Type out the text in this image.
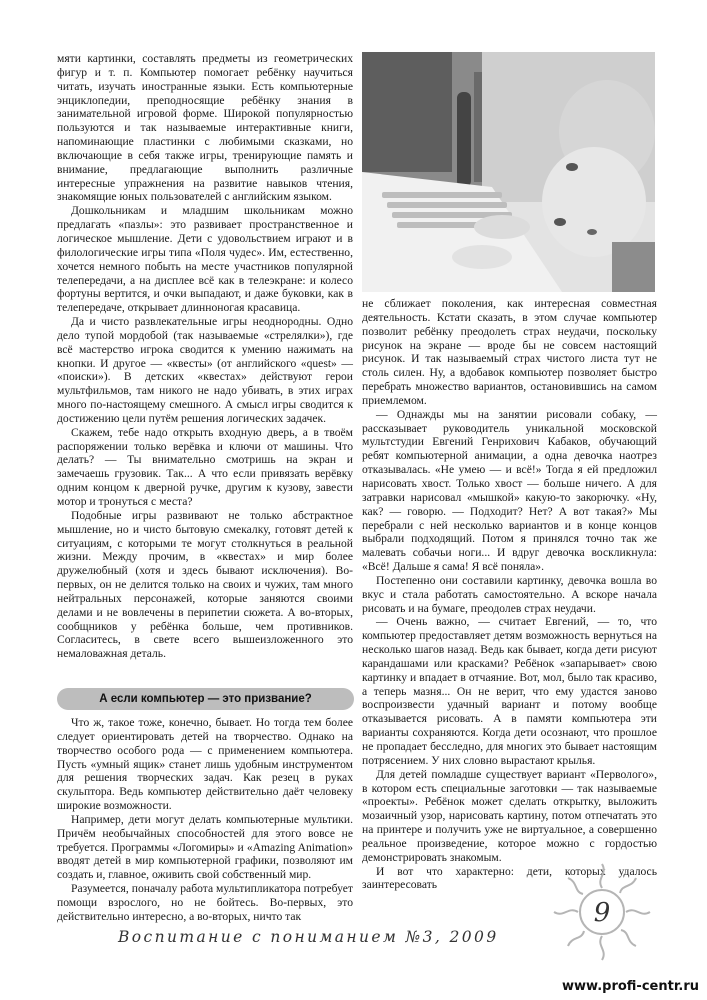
мяти картинки, составлять предметы из геометрических фигур и т. п. Компьютер помогает ребёнку научиться читать, изучать иностранные языки. Есть компьютерные энциклопедии, преподносящие ребёнку знания в занимательной игровой форме. Широкой популярностью пользуются и так называемые интерактивные книги, напоминающие пластинки с любимыми сказками, но включающие в себя также игры, тренирующие память и внимание, предлагающие выполнить различные интересные упражнения на развитие навыков чтения, знакомящие юных пользователей с английским языком.

Дошкольникам и младшим школьникам можно предлагать «пазлы»: это развивает пространственное и логическое мышление. Дети с удовольствием играют и в филологические игры типа «Поля чудес». Им, естественно, хочется немного побыть на месте участников популярной телепередачи, а на дисплее всё как в телеэкране: и колесо фортуны вертится, и очки выпадают, и даже буковки, как в телепередаче, открывает длинноногая красавица.

Да и чисто развлекательные игры неоднородны. Одно дело тупой мордобой (так называемые «стрелялки»), где всё мастерство игрока сводится к умению нажимать на кнопки. И другое — «квесты» (от английского «quest» — «поиски»). В детских «квестах» действуют герои мультфильмов, там никого не надо убивать, в этих играх много по-настоящему смешного. А смысл игры сводится к достижению цели путём решения логических задачек.

Скажем, тебе надо открыть входную дверь, а в твоём распоряжении только верёвка и ключи от машины. Что делать? — Ты внимательно смотришь на экран и замечаешь грузовик. Так... А что если привязать верёвку одним концом к дверной ручке, другим к кузову, завести мотор и тронуться с места?

Подобные игры развивают не только абстрактное мышление, но и чисто бытовую смекалку, готовят детей к ситуациям, с которыми те могут столкнуться в реальной жизни. Между прочим, в «квестах» и мир более дружелюбный (хотя и здесь бывают исключения). Во-первых, он не делится только на своих и чужих, там много нейтральных персонажей, которые заняются своими делами и не вовлечены в перипетии сюжета. А во-вторых, сообщников у ребёнка больше, чем противников. Согласитесь, в свете всего вышеизложенного это немаловажная деталь.

А если компьютер — это призвание?

Что ж, такое тоже, конечно, бывает. Но тогда тем более следует ориентировать детей на творчество. Однако на творчество особого рода — с применением компьютера. Пусть «умный ящик» станет лишь удобным инструментом для решения творческих задач. Как резец в руках скульптора. Ведь компьютер действительно даёт человеку широкие возможности.

Например, дети могут делать компьютерные мультики. Причём необычайных способностей для этого вовсе не требуется. Программы «Логомиры» и «Amazing Animation» вводят детей в мир компьютерной графики, позволяют им создать и, главное, оживить свой собственный мир.

Разумеется, поначалу работа мультипликатора потребует помощи взрослого, но не бойтесь. Во-первых, это действительно интересно, а во-вторых, ничто так

не сближает поколения, как интересная совместная деятельность. Кстати сказать, в этом случае компьютер позволит ребёнку преодолеть страх неудачи, поскольку рисунок на экране — вроде бы не совсем настоящий рисунок. И так называемый страх чистого листа тут не столь силен. Ну, а вдобавок компьютер позволяет быстро перебрать множество вариантов, остановившись на самом приемлемом.

— Однажды мы на занятии рисовали собаку, — рассказывает руководитель уникальной московской мультстудии Евгений Генрихович Кабаков, обучающий ребят компьютерной анимации, а одна девочка наотрез отказывалась. «Не умею — и всё!» Тогда я ей предложил нарисовать хвост. Только хвост — больше ничего. А для затравки нарисовал «мышкой» какую-то закорючку. «Ну, как? — говорю. — Подходит? Нет? А вот такая?» Мы перебрали с ней несколько вариантов и в конце концов выбрали подходящий. Потом я принялся точно так же малевать собачьи ноги... И вдруг девочка воскликнула: «Всё! Дальше я сама! Я всё поняла».

Постепенно они составили картинку, девочка вошла во вкус и стала работать самостоятельно. А вскоре начала рисовать и на бумаге, преодолев страх неудачи.

— Очень важно, — считает Евгений, — то, что компьютер предоставляет детям возможность вернуться на несколько шагов назад. Ведь как бывает, когда дети рисуют карандашами или красками? Ребёнок «запарывает» свою картинку и впадает в отчаяние. Вот, мол, было так красиво, а теперь мазня... Он не верит, что ему удастся заново воспроизвести удачный вариант и потому вообще отказывается рисовать. А в памяти компьютера эти варианты сохраняются. Когда дети осознают, что прошлое не пропадает бесследно, для многих это бывает настоящим потрясением. У них словно вырастают крылья.

Для детей помладше существует вариант «Первологo», в котором есть специальные заготовки — так называемые «проекты». Ребёнок может сделать открытку, выложить мозаичный узор, нарисовать картину, потом отпечатать это на принтере и получить уже не виртуальное, а совершенно реальное произведение, которое можно с гордостью демонстрировать знакомым.

И вот что характерно: дети, которых удалось заинтересовать

9
Воспитание с пониманием №3, 2009
www.profi-centr.ru
